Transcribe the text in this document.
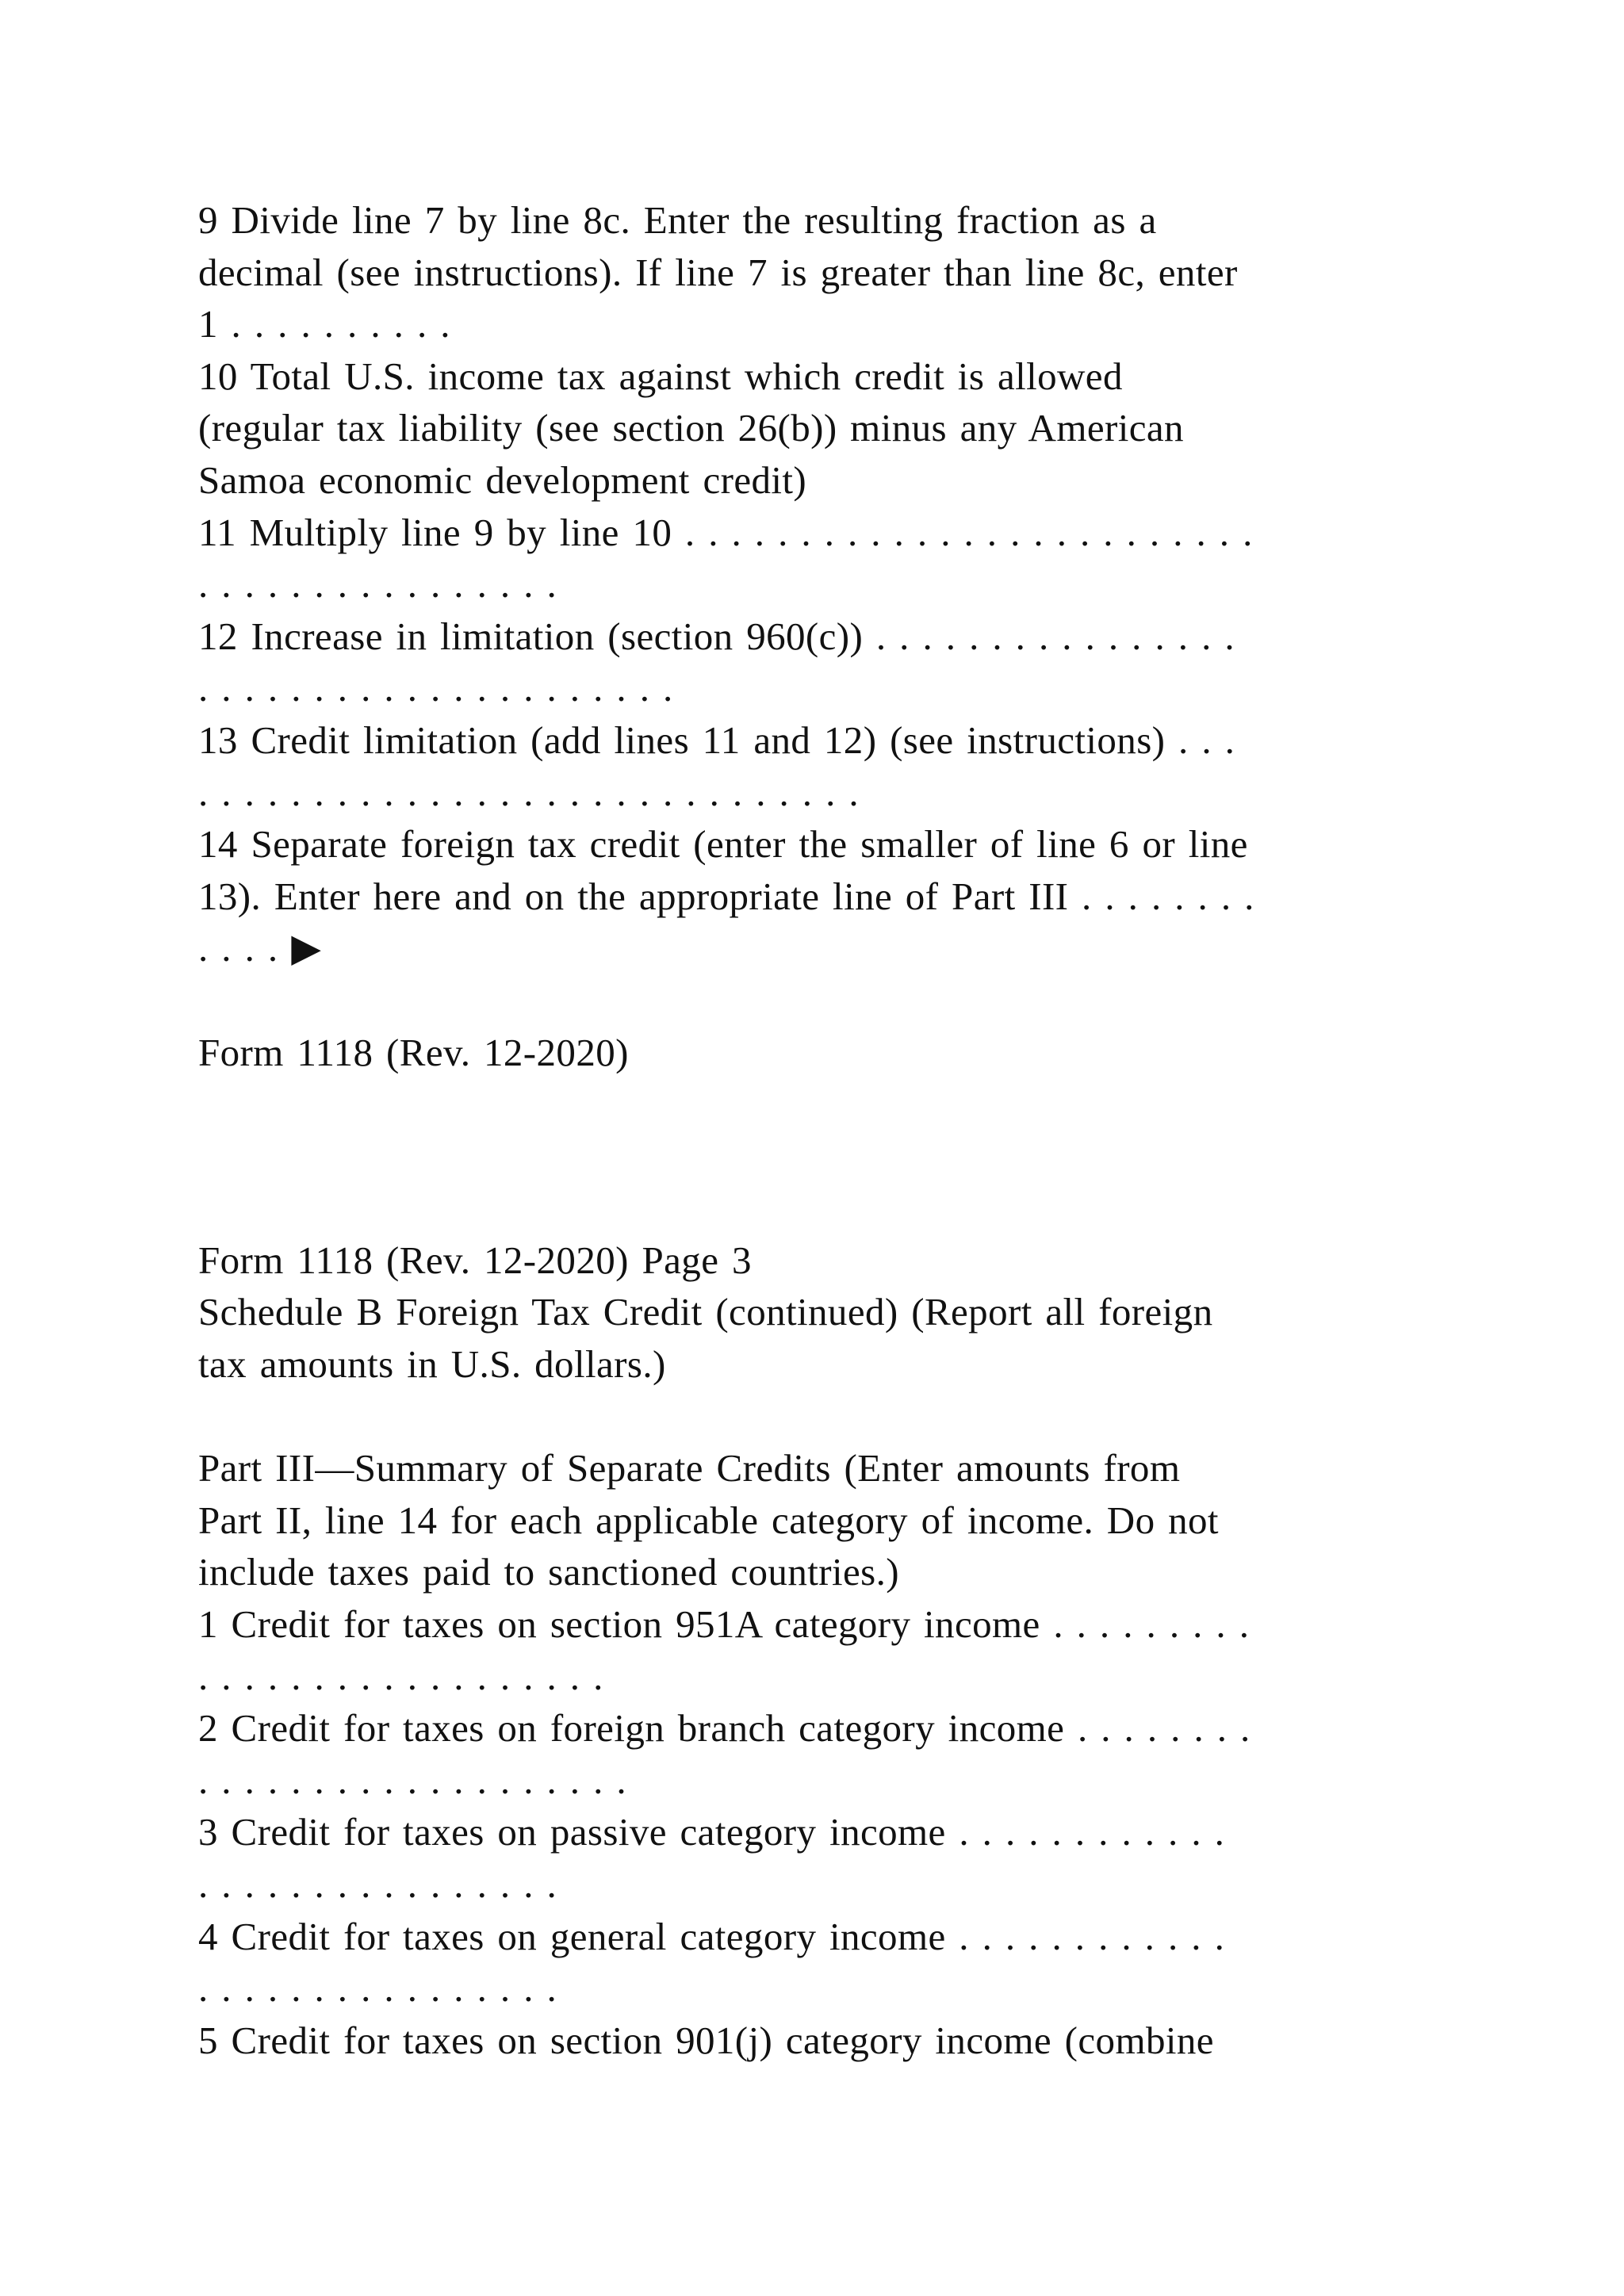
9 Divide line 7 by line 8c. Enter the resulting fraction as a
decimal (see instructions). If line 7 is greater than line 8c, enter
1 . . . . . . . . . .
10 Total U.S. income tax against which credit is allowed
(regular tax liability (see section 26(b)) minus any American
Samoa economic development credit)
11 Multiply line 9 by line 10 . . . . . . . . . . . . . . . . . . . . . . . . .
. . . . . . . . . . . . . . . .
12 Increase in limitation (section 960(c)) . . . . . . . . . . . . . . . .
. . . . . . . . . . . . . . . . . . . . .
13 Credit limitation (add lines 11 and 12) (see instructions) . . .
. . . . . . . . . . . . . . . . . . . . . . . . . . . . .
14 Separate foreign tax credit (enter the smaller of line 6 or line
13). Enter here and on the appropriate line of Part III . . . . . . . .
. . . . ▶
Form 1118 (Rev. 12-2020)
Form 1118 (Rev. 12-2020) Page 3
Schedule B Foreign Tax Credit (continued) (Report all foreign
tax amounts in U.S. dollars.)
Part III—Summary of Separate Credits (Enter amounts from
Part II, line 14 for each applicable category of income. Do not
include taxes paid to sanctioned countries.)
1 Credit for taxes on section 951A category income . . . . . . . . .
. . . . . . . . . . . . . . . . . .
2 Credit for taxes on foreign branch category income . . . . . . . .
. . . . . . . . . . . . . . . . . . .
3 Credit for taxes on passive category income . . . . . . . . . . . .
. . . . . . . . . . . . . . . .
4 Credit for taxes on general category income . . . . . . . . . . . .
. . . . . . . . . . . . . . . .
5 Credit for taxes on section 901(j) category income (combine
